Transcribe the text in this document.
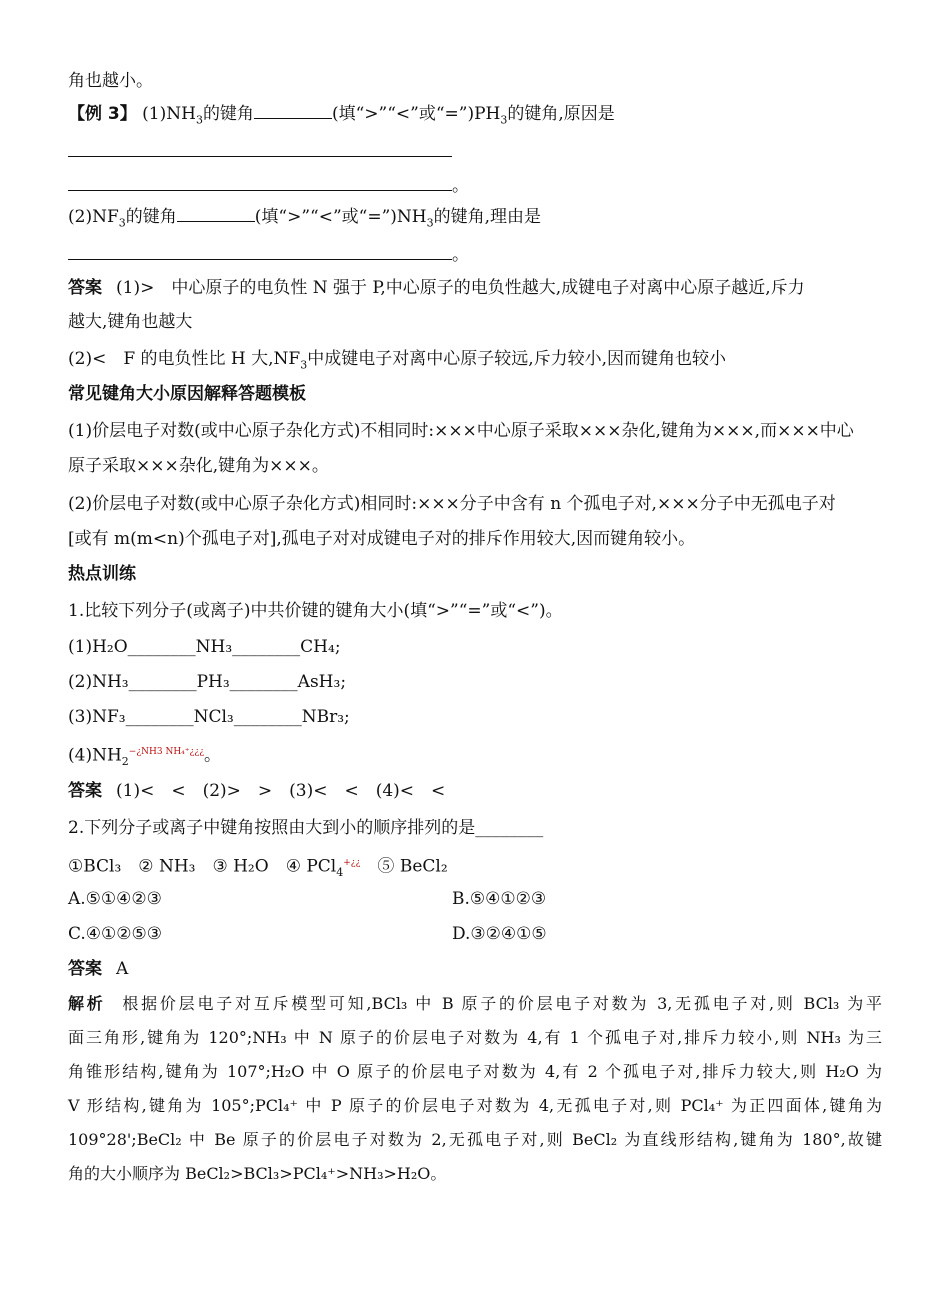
角也越小。
【例 3】 $(1)NH_3$的键角	(填“>”“<”或“$=”)PH_3$的键角,原因是
。
$(2)NF_3$的键角	(填“>”“<”或“$=”)NH_3$的键角,理由是
。
答案 (1)>　中心原子的电负性 N 强于 P,中心原子的电负性越大,成键电子对离中心原子越近,斥力
越大,键角也越大
(2)<　F 的电负性比 H 大$,NF_3$中成键电子对离中心原子较远,斥力较小,因而键角也较小
常见键角大小原因解释答题模板
(1)价层电子对数(或中心原子杂化方式)不相同时:×××中心原子采取×××杂化,键角为×××,而×××中心
原子采取×××杂化,键角为×××。
(2)价层电子对数(或中心原子杂化方式)相同时:×××分子中含有 n 个孤电子对,×××分子中无孤电子对
[或有 m(m<n)个孤电子对],孤电子对对成键电子对的排斥作用较大,因而键角较小。
热点训练
1.比较下列分子(或离子)中共价键的键角大小(填“>”“=”或“<”)。
(1)H₂O________NH₃________CH₄;
(2)NH₃________PH₃________AsH₃;
(3)NF₃________NCl₃________NBr₃;
$(4)NH_2^{-¿NH3 NH_4^+¿¿¿}$。
答案 (1)<　<　(2)>　>　(3)<　<　(4)<　<
2.下列分子或离子中键角按照由大到小的顺序排列的是________
①BCl₃　② NH₃　③ H₂O　④ PCl$_4$+¿¿　⑤ BeCl₂
A.⑤①④②③	B.⑤④①②③
C.④①②⑤③	D.③②④①⑤
答案 A
解析 根据价层电子对互斥模型可知,BCl₃ 中 B 原子的价层电子对数为 3,无孤电子对,则 BCl₃ 为平
面三角形,键角为 120°;NH₃ 中 N 原子的价层电子对数为 4,有 1 个孤电子对,排斥力较小,则 NH₃ 为三
角锥形结构,键角为 107°;H₂O 中 O 原子的价层电子对数为 4,有 2 个孤电子对,排斥力较大,则 H₂O 为
V 形结构,键角为 105°;PCl₄⁺ 中 P 原子的价层电子对数为 4,无孤电子对,则 PCl₄⁺ 为正四面体,键角为
109°28';BeCl₂ 中 Be 原子的价层电子对数为 2,无孤电子对,则 BeCl₂ 为直线形结构,键角为 180°,故键
角的大小顺序为 BeCl₂>BCl₃>PCl₄⁺>NH₃>H₂O。
